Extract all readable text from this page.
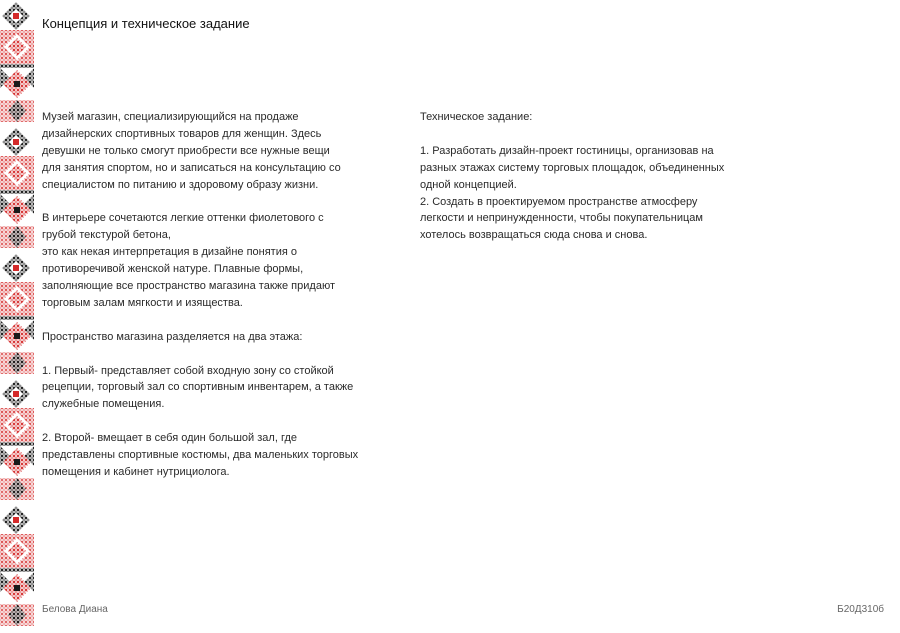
Концепция и техническое задание
Музей магазин, специализирующийся на продаже
дизайнерских спортивных товаров для женщин. Здесь
девушки не только смогут приобрести все нужные вещи
для занятия спортом, но и записаться на консультацию со
специалистом по питанию и здоровому образу жизни.
В интерьере сочетаются легкие оттенки фиолетового с
грубой текстурой бетона,
это как некая интерпретация в дизайне понятия о
противоречивой женской натуре. Плавные формы,
заполняющие все пространство магазина также придают
торговым залам мягкости и изящества.
Пространство магазина разделяется на два этажа:
1. Первый- представляет собой входную зону со стойкой
рецепции, торговый зал со спортивным инвентарем, а также
служебные помещения.
2. Второй- вмещает в себя один большой зал, где
представлены спортивные костюмы, два маленьких торговых
помещения и кабинет нутрициолога.
Техническое задание:
1. Разработать дизайн-проект гостиницы, организовав на
разных этажах систему торговых площадок, объединенных
одной концепцией.
2. Создать в проектируемом пространстве атмосферу
легкости и непринужденности, чтобы покупательницам
хотелось возвращаться сюда снова и снова.
Белова Диана	Б20Д310б
